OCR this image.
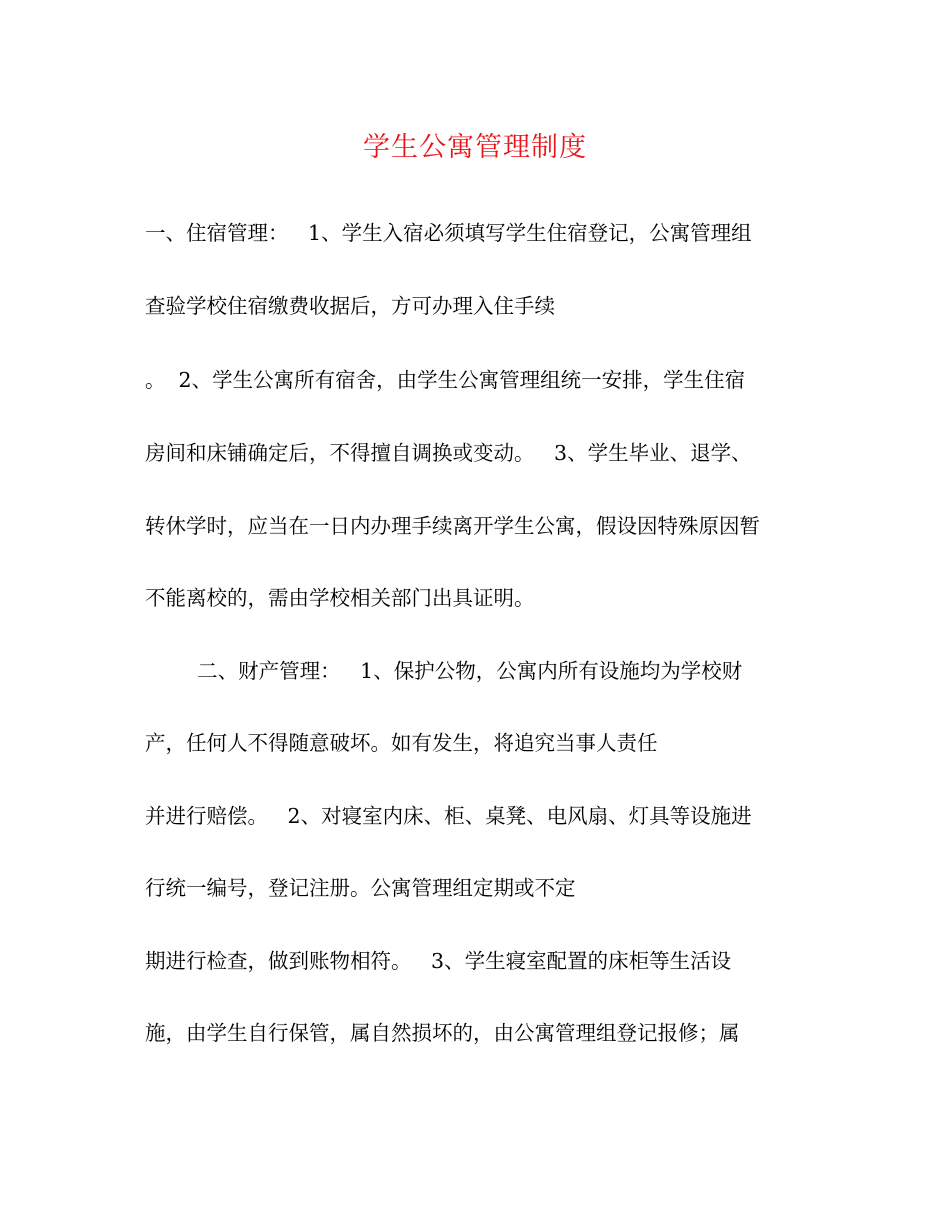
学生公寓管理制度
一、住宿管理：   1、学生入宿必须填写学生住宿登记，公寓管理组
查验学校住宿缴费收据后，方可办理入住手续
。  2、学生公寓所有宿舍，由学生公寓管理组统一安排，学生住宿
房间和床铺确定后，不得擅自调换或变动。   3、学生毕业、退学、
转休学时，应当在一日内办理手续离开学生公寓，假设因特殊原因暂
不能离校的，需由学校相关部门出具证明。
二、财产管理：   1、保护公物，公寓内所有设施均为学校财
产，任何人不得随意破坏。如有发生，将追究当事人责任
并进行赔偿。   2、对寝室内床、柜、桌凳、电风扇、灯具等设施进
行统一编号，登记注册。公寓管理组定期或不定
期进行检查，做到账物相符。   3、学生寝室配置的床柜等生活设
施，由学生自行保管，属自然损坏的，由公寓管理组登记报修；属
